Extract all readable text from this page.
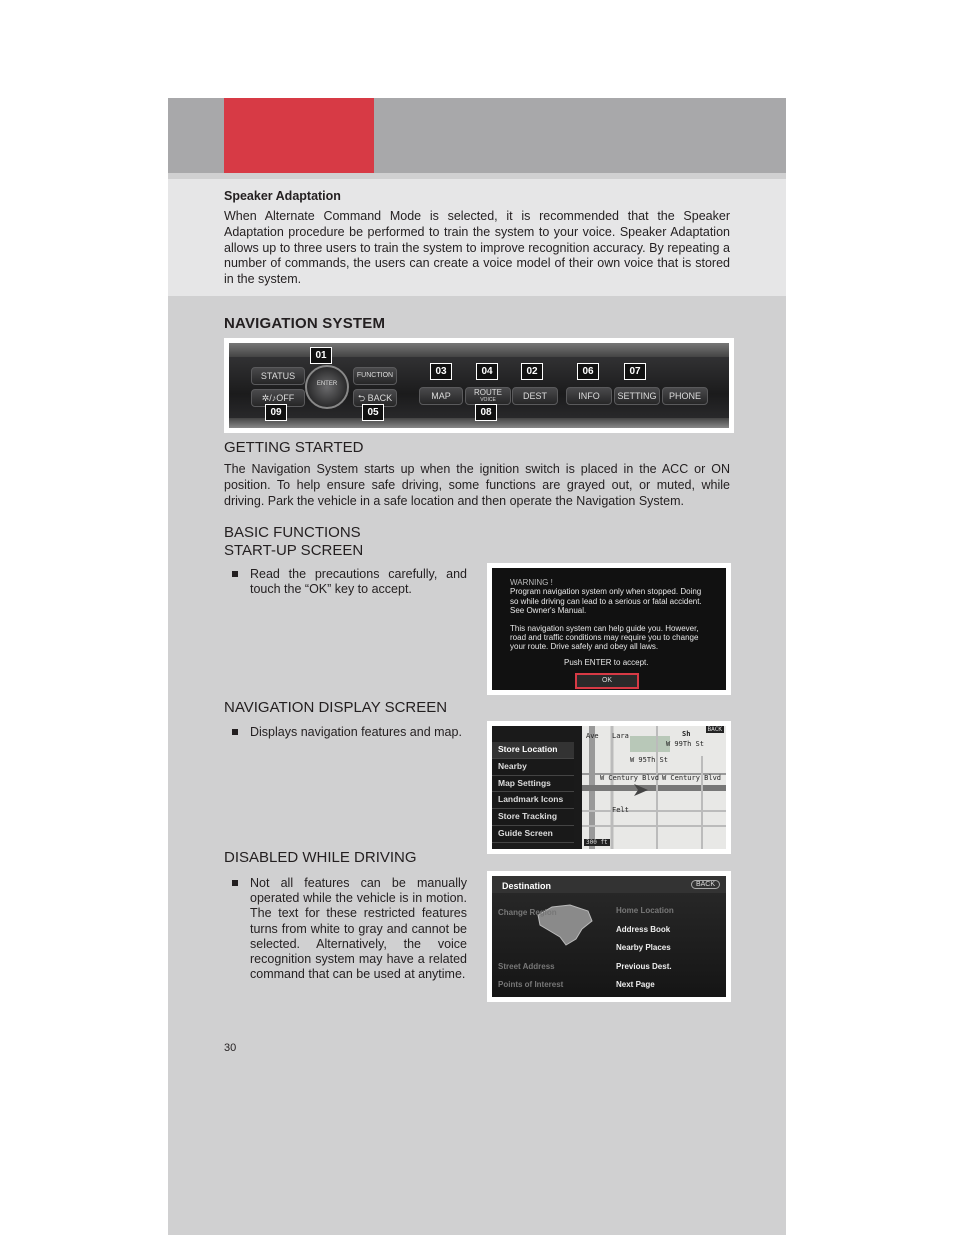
Speaker Adaptation
When Alternate Command Mode is selected, it is recommended that the Speaker Adaptation procedure be performed to train the system to your voice. Speaker Adaptation allows up to three users to train the system to improve recognition accuracy. By repeating a number of commands, the users can create a voice model of their own voice that is stored in the system.
NAVIGATION SYSTEM
STATUS
✲/♪OFF
ENTER
FUNCTION
⮌ BACK	MAP	ROUTE
VOICE	DEST	INFO	SETTING	PHONE
01
03	04	02	06	07
09	05	08
GETTING STARTED
The Navigation System starts up when the ignition switch is placed in the ACC or ON position. To help ensure safe driving, some functions are grayed out, or muted, while driving. Park the vehicle in a safe location and then operate the Navigation System.
BASIC FUNCTIONS
START-UP SCREEN
Read the precautions carefully, and touch the “OK” key to accept.	WARNING !
Program navigation system only when stopped. Doing so while driving can lead to a serious or fatal accident. See Owner's Manual.
This navigation system can help guide you. However, road and traffic conditions may require you to change your route. Drive safely and obey all laws.
Push ENTER to accept.
OK
NAVIGATION DISPLAY SCREEN
Displays navigation features and map.
W 99Th St
W 95Th St
W Century Blvd W Century Blvd
Lara
Ave
Felt
Sh
BACK
300 ft
Store Location
Nearby
Map Settings
Landmark Icons
Store Tracking
Guide Screen
DISABLED WHILE DRIVING
Not all features can be manually operated while the vehicle is in motion. The text for these restricted features turns from white to gray and cannot be selected. Alternatively, the voice recognition system may have a related command that can be used at anytime.
Destination	BACK
Change Region
Street Address
Points of Interest
Home Location
Address Book
Nearby Places
Previous Dest.
Next Page
30
